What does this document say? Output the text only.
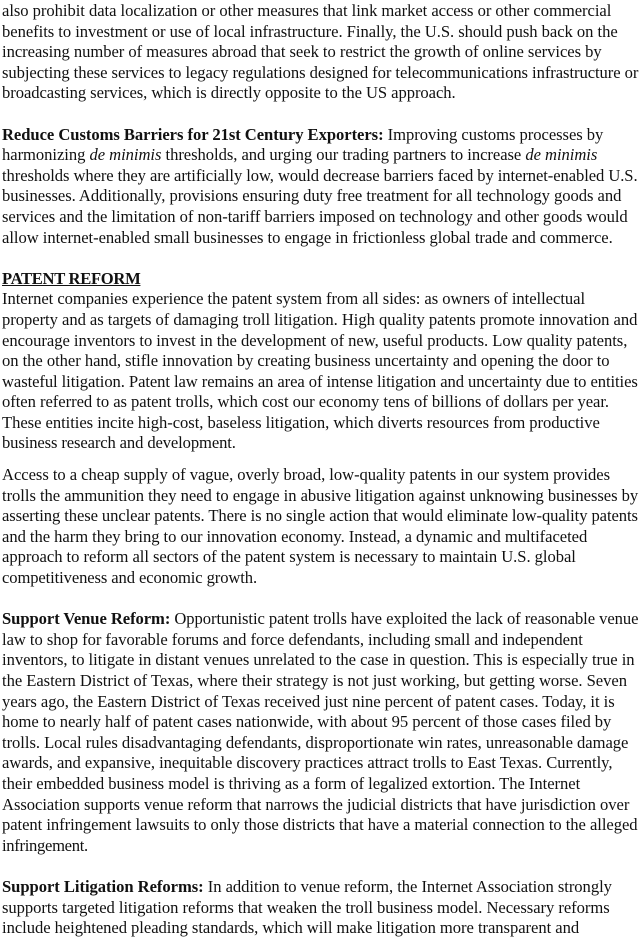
also prohibit data localization or other measures that link market access or other commercial
benefits to investment or use of local infrastructure. Finally, the U.S. should push back on the
increasing number of measures abroad that seek to restrict the growth of online services by
subjecting these services to legacy regulations designed for telecommunications infrastructure or
broadcasting services, which is directly opposite to the US approach.

Reduce Customs Barriers for 21st Century Exporters: Improving customs processes by
harmonizing de minimis thresholds, and urging our trading partners to increase de minimis
thresholds where they are artificially low, would decrease barriers faced by internet-enabled U.S.
businesses. Additionally, provisions ensuring duty free treatment for all technology goods and
services and the limitation of non-tariff barriers imposed on technology and other goods would
allow internet-enabled small businesses to engage in frictionless global trade and commerce.

PATENT REFORM

Internet companies experience the patent system from all sides: as owners of intellectual
property and as targets of damaging troll litigation. High quality patents promote innovation and
encourage inventors to invest in the development of new, useful products. Low quality patents,
on the other hand, stifle innovation by creating business uncertainty and opening the door to
wasteful litigation. Patent law remains an area of intense litigation and uncertainty due to entities
often referred to as patent trolls, which cost our economy tens of billions of dollars per year.
These entities incite high-cost, baseless litigation, which diverts resources from productive
business research and development.

Access to a cheap supply of vague, overly broad, low-quality patents in our system provides
trolls the ammunition they need to engage in abusive litigation against unknowing businesses by
asserting these unclear patents. There is no single action that would eliminate low-quality patents
and the harm they bring to our innovation economy. Instead, a dynamic and multifaceted
approach to reform all sectors of the patent system is necessary to maintain U.S. global
competitiveness and economic growth.

Support Venue Reform: Opportunistic patent trolls have exploited the lack of reasonable venue
law to shop for favorable forums and force defendants, including small and independent
inventors, to litigate in distant venues unrelated to the case in question. This is especially true in
the Eastern District of Texas, where their strategy is not just working, but getting worse. Seven
years ago, the Eastern District of Texas received just nine percent of patent cases. Today, it is
home to nearly half of patent cases nationwide, with about 95 percent of those cases filed by
trolls. Local rules disadvantaging defendants, disproportionate win rates, unreasonable damage
awards, and expansive, inequitable discovery practices attract trolls to East Texas. Currently,
their embedded business model is thriving as a form of legalized extortion. The Internet
Association supports venue reform that narrows the judicial districts that have jurisdiction over
patent infringement lawsuits to only those districts that have a material connection to the alleged
infringement.

Support Litigation Reforms: In addition to venue reform, the Internet Association strongly
supports targeted litigation reforms that weaken the troll business model. Necessary reforms
include heightened pleading standards, which will make litigation more transparent and
